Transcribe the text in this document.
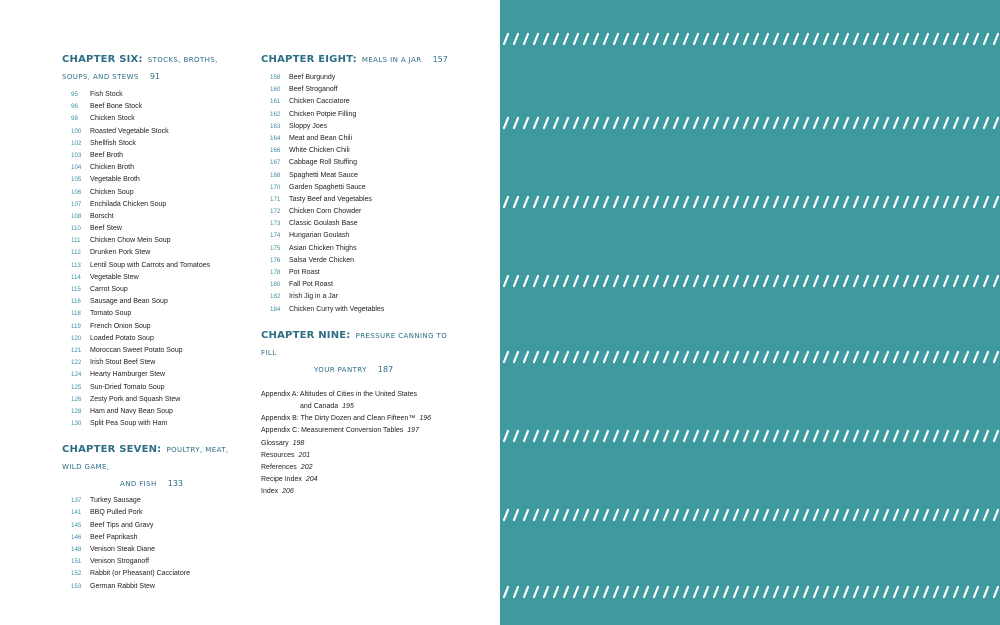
CHAPTER SIX: STOCKS, BROTHS, SOUPS, AND STEWS 91
95 Fish Stock
96 Beef Bone Stock
98 Chicken Stock
100 Roasted Vegetable Stock
102 Shellfish Stock
103 Beef Broth
104 Chicken Broth
105 Vegetable Broth
106 Chicken Soup
107 Enchilada Chicken Soup
108 Borscht
110 Beef Stew
111 Chicken Chow Mein Soup
112 Drunken Pork Stew
113 Lentil Soup with Carrots and Tomatoes
114 Vegetable Stew
115 Carrot Soup
116 Sausage and Bean Soup
118 Tomato Soup
119 French Onion Soup
120 Loaded Potato Soup
121 Moroccan Sweet Potato Soup
122 Irish Stout Beef Stew
124 Hearty Hamburger Stew
125 Sun-Dried Tomato Soup
126 Zesty Pork and Squash Stew
128 Ham and Navy Bean Soup
130 Split Pea Soup with Ham
CHAPTER SEVEN: POULTRY, MEAT, WILD GAME,
AND FISH 133
137 Turkey Sausage
141 BBQ Pulled Pork
145 Beef Tips and Gravy
146 Beef Paprikash
148 Venison Steak Diane
151 Venison Stroganoff
152 Rabbit (or Pheasant) Cacciatore
153 German Rabbit Stew
CHAPTER EIGHT: MEALS IN A JAR 157
158 Beef Burgundy
160 Beef Stroganoff
161 Chicken Cacciatore
162 Chicken Potpie Filling
163 Sloppy Joes
164 Meat and Bean Chili
166 White Chicken Chili
167 Cabbage Roll Stuffing
168 Spaghetti Meat Sauce
170 Garden Spaghetti Sauce
171 Tasty Beef and Vegetables
172 Chicken Corn Chowder
173 Classic Goulash Base
174 Hungarian Goulash
175 Asian Chicken Thighs
176 Salsa Verde Chicken
178 Pot Roast
180 Fall Pot Roast
182 Irish Jig in a Jar
184 Chicken Curry with Vegetables
CHAPTER NINE: PRESSURE CANNING TO FILL
YOUR PANTRY 187
Appendix A: Altitudes of Cities in the United States
and Canada 195
Appendix B: The Dirty Dozen and Clean Fifteen™ 196
Appendix C: Measurement Conversion Tables 197
Glossary 198
Resources 201
References 202
Recipe Index 204
Index 206
